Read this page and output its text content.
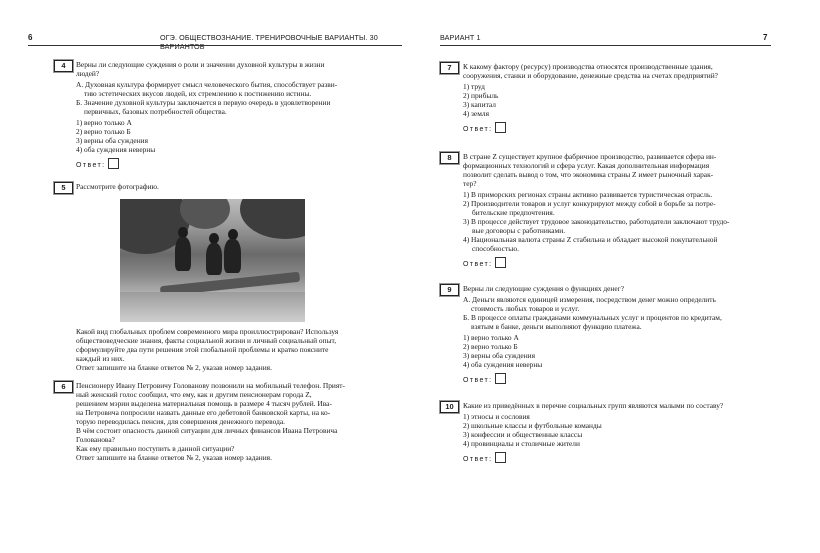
6	ОГЭ. ОБЩЕСТВОЗНАНИЕ. ТРЕНИРОВОЧНЫЕ ВАРИАНТЫ. 30 ВАРИАНТОВ
4	Верны ли следующие суждения о роли и значении духовной культуры в жизни
людей?
А. Духовная культура формирует смысл человеческого бытия, способствует разви-
тию эстетических вкусов людей, их стремлению к постижению истины.
Б. Значение духовной культуры заключается в первую очередь в удовлетворении
первичных, базовых потребностей общества.
1) верно только А
2) верно только Б
3) верны оба суждения
4) оба суждения неверны
Ответ:
5	Рассмотрите фотографию.
Какой вид глобальных проблем современного мира проиллюстрирован? Используя
обществоведческие знания, факты социальной жизни и личный социальный опыт,
сформулируйте два пути решения этой глобальной проблемы и кратко поясните
каждый из них.
Ответ запишите на бланке ответов № 2, указав номер задания.
6	Пенсионеру Ивану Петровичу Голованову позвонили на мобильный телефон. Прият-
ный женский голос сообщил, что ему, как и другим пенсионерам города Z,
решением мэрии выделена материальная помощь в размере 4 тысяч рублей. Ива-
на Петровича попросили назвать данные его дебетовой банковской карты, на ко-
торую переводилась пенсия, для совершения денежного перевода.
В чём состоит опасность данной ситуации для личных финансов Ивана Петровича
Голованова?
Как ему правильно поступить в данной ситуации?
Ответ запишите на бланке ответов № 2, указав номер задания.
ВАРИАНТ 1	7
7	К какому фактору (ресурсу) производства относятся производственные здания,
сооружения, станки и оборудование, денежные средства на счетах предприятий?
1) труд
2) прибыль
3) капитал
4) земля
Ответ:
8	В стране Z существует крупное фабричное производство, развивается сфера ин-
формационных технологий и сфера услуг. Какая дополнительная информация
позволит сделать вывод о том, что экономика страны Z имеет рыночный харак-
тер?
1) В приморских регионах страны активно развивается туристическая отрасль.
2) Производители товаров и услуг конкурируют между собой в борьбе за потре-
бительские предпочтения.
3) В процессе действует трудовое законодательство, работодатели заключают трудо-
вые договоры с работниками.
4) Национальная валюта страны Z стабильна и обладает высокой покупательной
способностью.
Ответ:
9	Верны ли следующие суждения о функциях денег?
А. Деньги являются единицей измерения, посредством денег можно определить
стоимость любых товаров и услуг.
Б. В процессе оплаты гражданами коммунальных услуг и процентов по кредитам,
взятым в банке, деньги выполняют функцию платежа.
1) верно только А
2) верно только Б
3) верны оба суждения
4) оба суждения неверны
Ответ:
10	Какие из приведённых в перечне социальных групп являются малыми по составу?
1) этносы и сословия
2) школьные классы и футбольные команды
3) конфессии и общественные классы
4) провинциалы и столичные жители
Ответ:
